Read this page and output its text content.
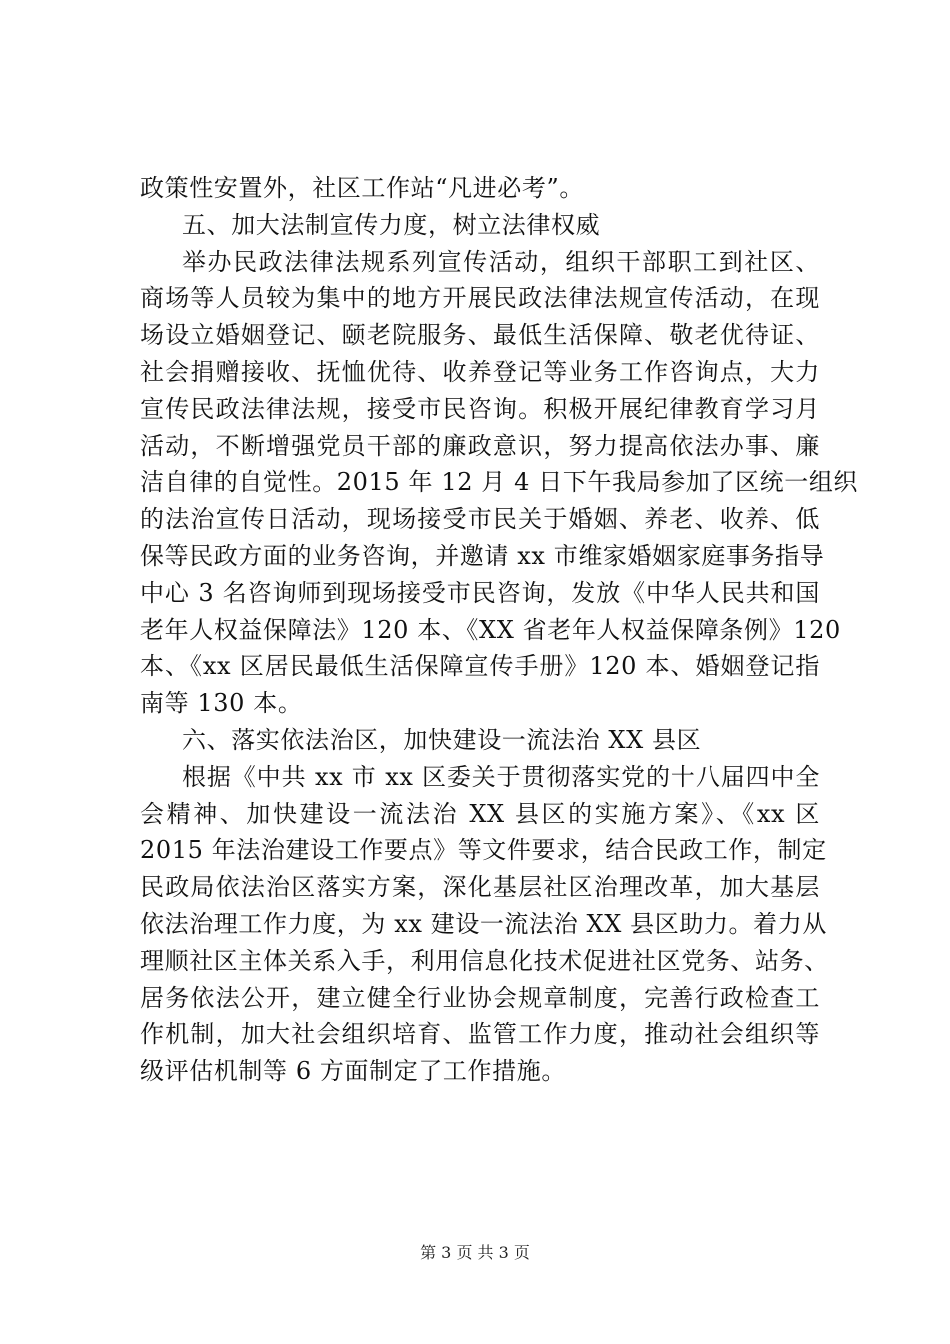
政策性安置外，社区工作站“凡进必考”。
五、加大法制宣传力度，树立法律权威
举办民政法律法规系列宣传活动，组织干部职工到社区、
商场等人员较为集中的地方开展民政法律法规宣传活动，在现
场设立婚姻登记、颐老院服务、最低生活保障、敬老优待证、
社会捐赠接收、抚恤优待、收养登记等业务工作咨询点，大力
宣传民政法律法规，接受市民咨询。积极开展纪律教育学习月
活动，不断增强党员干部的廉政意识，努力提高依法办事、廉
洁自律的自觉性。2015 年 12 月 4 日下午我局参加了区统一组织
的法治宣传日活动，现场接受市民关于婚姻、养老、收养、低
保等民政方面的业务咨询，并邀请 xx 市维家婚姻家庭事务指导
中心 3 名咨询师到现场接受市民咨询，发放《中华人民共和国
老年人权益保障法》120 本、《XX 省老年人权益保障条例》120
本、《xx 区居民最低生活保障宣传手册》120 本、婚姻登记指
南等 130 本。
六、落实依法治区，加快建设一流法治 XX 县区
根据《中共 xx 市 xx 区委关于贯彻落实党的十八届四中全
会精神、加快建设一流法治 XX 县区的实施方案》、《xx 区
2015 年法治建设工作要点》等文件要求，结合民政工作，制定
民政局依法治区落实方案，深化基层社区治理改革，加大基层
依法治理工作力度，为 xx 建设一流法治 XX 县区助力。着力从
理顺社区主体关系入手，利用信息化技术促进社区党务、站务、
居务依法公开，建立健全行业协会规章制度，完善行政检查工
作机制，加大社会组织培育、监管工作力度，推动社会组织等
级评估机制等 6 方面制定了工作措施。
第 3 页 共 3 页
